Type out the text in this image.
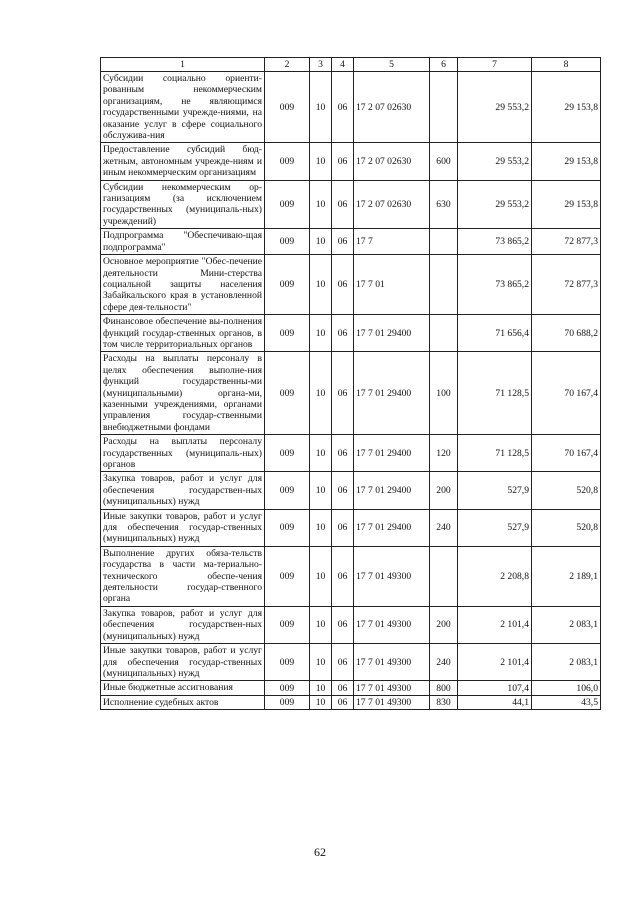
1	2	3	4	5	6	7	8
Субсидии социально ориенти-рованным некоммерческим организациям, не являющимся государственными учрежде-ниями, на оказание услуг в сфере социального обслужива-ния	009	10	06	17 2 07 02630		29 553,2	29 153,8
Предоставление субсидий бюд-жетным, автономным учрежде-ниям и иным некоммерческим организациям	009	10	06	17 2 07 02630	600	29 553,2	29 153,8
Субсидии некоммерческим ор-ганизациям (за исключением государственных (муниципаль-ных) учреждений)	009	10	06	17 2 07 02630	630	29 553,2	29 153,8
Подпрограмма "Обеспечиваю-щая подпрограмма"	009	10	06	17 7		73 865,2	72 877,3
Основное мероприятие "Обес-печение деятельности Мини-стерства социальной защиты населения Забайкальского края в установленной сфере дея-тельности"	009	10	06	17 7 01		73 865,2	72 877,3
Финансовое обеспечение вы-полнения функций государ-ственных органов, в том числе территориальных органов	009	10	06	17 7 01 29400		71 656,4	70 688,2
Расходы на выплаты персоналу в целях обеспечения выполне-ния функций государственны-ми (муниципальными) органа-ми, казенными учреждениями, органами управления государ-ственными внебюджетными фондами	009	10	06	17 7 01 29400	100	71 128,5	70 167,4
Расходы на выплаты персоналу государственных (муниципаль-ных) органов	009	10	06	17 7 01 29400	120	71 128,5	70 167,4
Закупка товаров, работ и услуг для обеспечения государствен-ных (муниципальных) нужд	009	10	06	17 7 01 29400	200	527,9	520,8
Иные закупки товаров, работ и услуг для обеспечения государ-ственных (муниципальных) нужд	009	10	06	17 7 01 29400	240	527,9	520,8
Выполнение других обяза-тельств государства в части ма-териально-технического обеспе-чения деятельности государ-ственного органа	009	10	06	17 7 01 49300		2 208,8	2 189,1
Закупка товаров, работ и услуг для обеспечения государствен-ных (муниципальных) нужд	009	10	06	17 7 01 49300	200	2 101,4	2 083,1
Иные закупки товаров, работ и услуг для обеспечения государ-ственных (муниципальных) нужд	009	10	06	17 7 01 49300	240	2 101,4	2 083,1
Иные бюджетные ассигнования	009	10	06	17 7 01 49300	800	107,4	106,0
Исполнение судебных актов	009	10	06	17 7 01 49300	830	44,1	43,5
62
